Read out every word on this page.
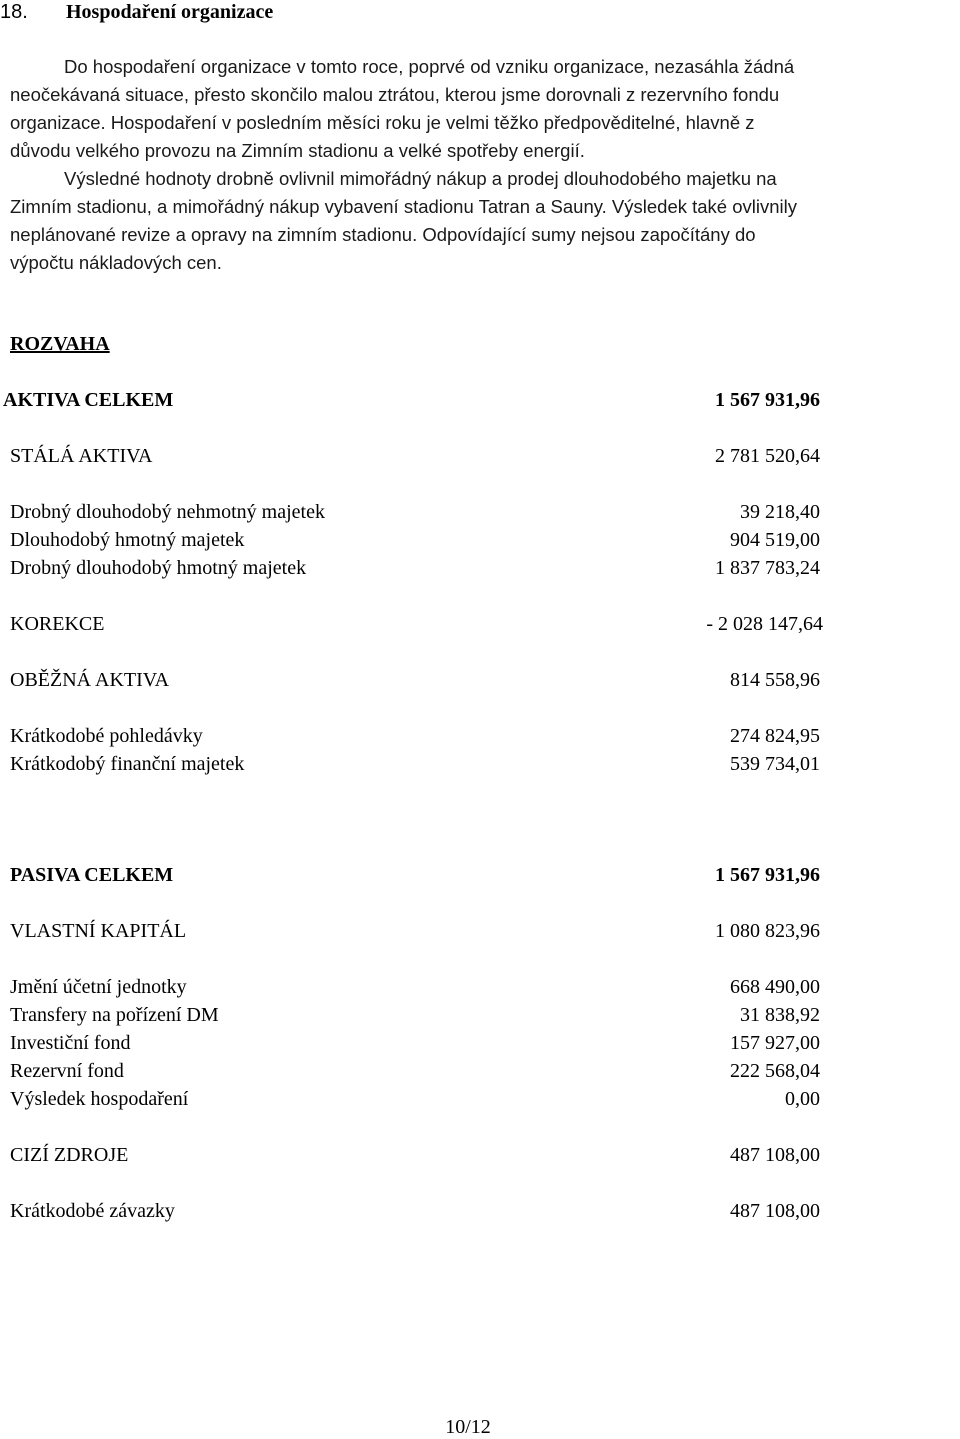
18. Hospodaření organizace
Do hospodaření organizace v tomto roce, poprvé od vzniku organizace, nezasáhla žádná
neočekávaná situace, přesto skončilo malou ztrátou, kterou jsme dorovnali z rezervního fondu
organizace. Hospodaření v posledním měsíci roku je velmi těžko předpověditelné, hlavně z
důvodu velkého provozu na Zimním stadionu a velké spotřeby energií.
Výsledné hodnoty drobně ovlivnil mimořádný nákup a prodej dlouhodobého majetku na
Zimním stadionu, a mimořádný nákup vybavení stadionu Tatran a Sauny. Výsledek také ovlivnily
neplánované revize a opravy na zimním stadionu. Odpovídající sumy nejsou započítány do
výpočtu nákladových cen.
ROZVAHA
AKTIVA CELKEM	1 567 931,96
STÁLÁ AKTIVA	2 781 520,64
Drobný dlouhodobý nehmotný majetek	39 218,40
Dlouhodobý hmotný majetek	904 519,00
Drobný dlouhodobý hmotný majetek	1 837 783,24
KOREKCE	- 2 028 147,64
OBĚŽNÁ AKTIVA	814 558,96
Krátkodobé pohledávky	274 824,95
Krátkodobý finanční majetek	539 734,01
PASIVA CELKEM	1 567 931,96
VLASTNÍ KAPITÁL	1 080 823,96
Jmění účetní jednotky	668 490,00
Transfery na pořízení DM	31 838,92
Investiční fond	157 927,00
Rezervní fond	222 568,04
Výsledek hospodaření	0,00
CIZÍ ZDROJE	487 108,00
Krátkodobé závazky	487 108,00
10/12
